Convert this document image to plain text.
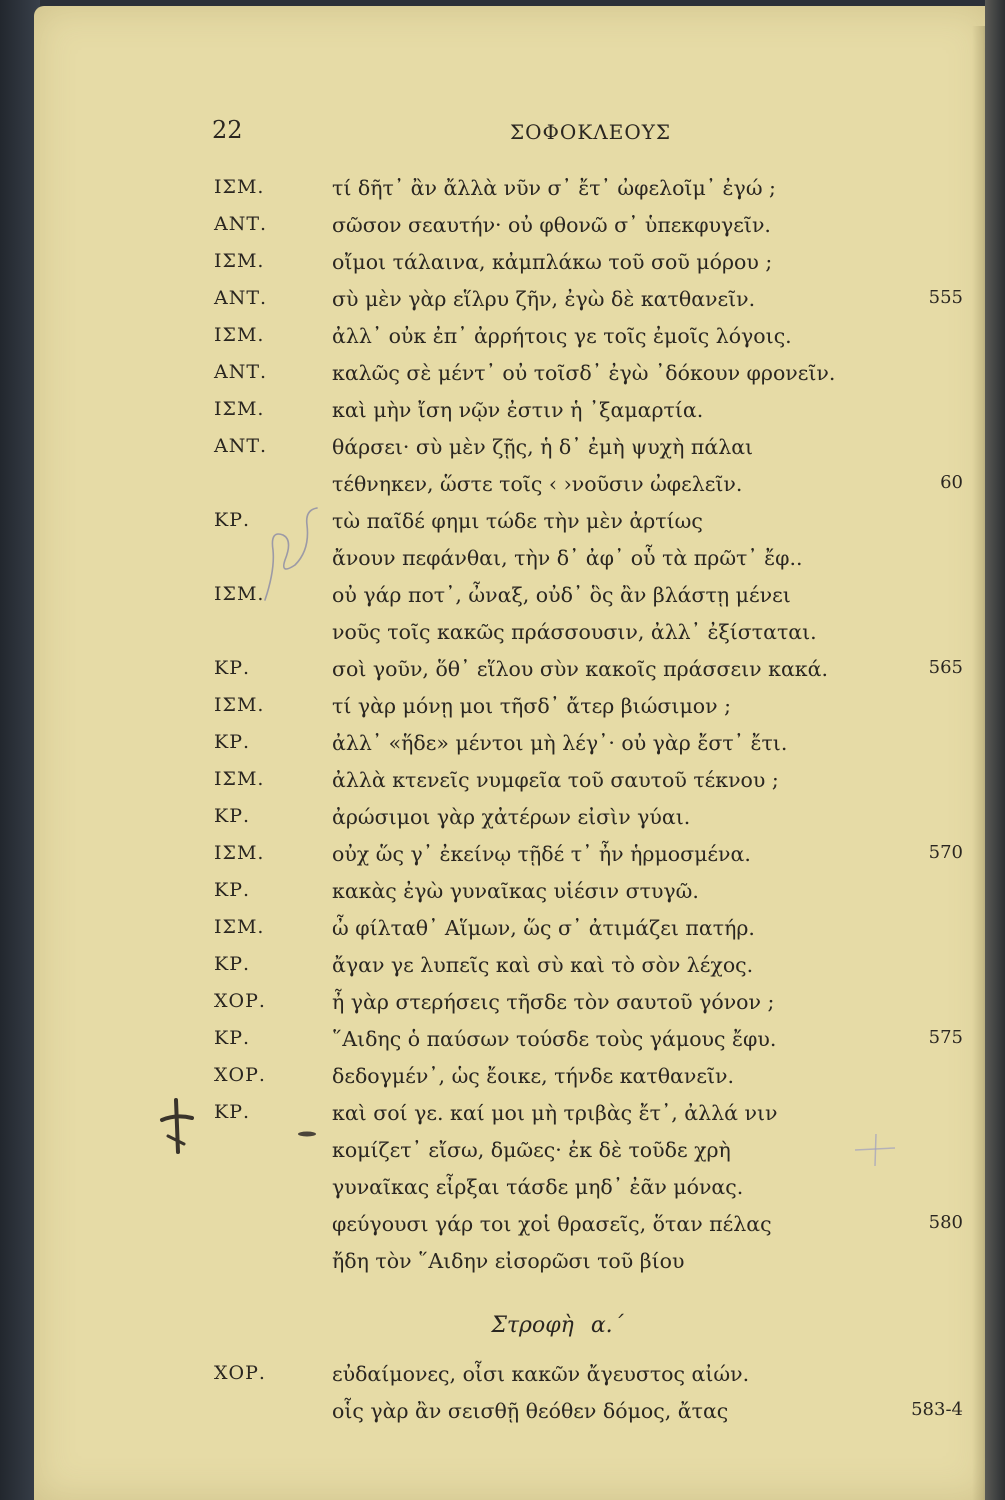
22	ΣΟΦΟΚΛΕΟΥΣ
ΙΣΜ.	τί δῆτ᾽ ἂν ἄλλὰ νῦν σ᾽ ἔτ᾽ ὠφελοῖμ᾽ ἐγώ ;
ΑΝΤ.	σῶσον σεαυτήν· οὐ φθονῶ σ᾽ ὑπεκφυγεῖν.
ΙΣΜ.	οἴμοι τάλαινα, κἀμπλάκω τοῦ σοῦ μόρου ;
ΑΝΤ.	σὺ μὲν γὰρ εἵλρυ ζῆν, ἐγὼ δὲ κατθανεῖν.	555
ΙΣΜ.	ἀλλ᾽ οὐκ ἐπ᾽ ἀρρήτοις γε τοῖς ἐμοῖς λόγοις.
ΑΝΤ.	καλῶς σὲ μέντ᾽ οὐ τοῖσδ᾽ ἐγὼ ᾽δόκουν φρονεῖν.
ΙΣΜ.	καὶ μὴν ἴση νῷν ἐστιν ἡ ᾽ξαμαρτία.
ΑΝΤ.	θάρσει· σὺ μὲν ζῇς, ἡ δ᾽ ἐμὴ ψυχὴ πάλαι
τέθνηκεν, ὥστε τοῖς ‹ ›νοῦσιν ὠφελεῖν.	60
ΚΡ.	τὼ παῖδέ φημι τώδε τὴν μὲν ἀρτίως
ἄνουν πεφάνθαι, τὴν δ᾽ ἀφ᾽ οὗ τὰ πρῶτ᾽ ἔφ..
ΙΣΜ.	οὐ γάρ ποτ᾽, ὦναξ, οὐδ᾽ ὃς ἂν βλάστῃ μένει
νοῦς τοῖς κακῶς πράσσουσιν, ἀλλ᾽ ἐξίσταται.
ΚΡ.	σοὶ γοῦν, ὅθ᾽ εἵλου σὺν κακοῖς πράσσειν κακά.	565
ΙΣΜ.	τί γὰρ μόνῃ μοι τῆσδ᾽ ἄτερ βιώσιμον ;
ΚΡ.	ἀλλ᾽ «ἥδε» μέντοι μὴ λέγ᾽· οὐ γὰρ ἔστ᾽ ἔτι.
ΙΣΜ.	ἀλλὰ κτενεῖς νυμφεῖα τοῦ σαυτοῦ τέκνου ;
ΚΡ.	ἀρώσιμοι γὰρ χἀτέρων εἰσὶν γύαι.
ΙΣΜ.	οὐχ ὥς γ᾽ ἐκείνῳ τῇδέ τ᾽ ἦν ἡρμοσμένα.	570
ΚΡ.	κακὰς ἐγὼ γυναῖκας υἱέσιν στυγῶ.
ΙΣΜ.	ὦ φίλταθ᾽ Αἵμων, ὥς σ᾽ ἀτιμάζει πατήρ.
ΚΡ.	ἄγαν γε λυπεῖς καὶ σὺ καὶ τὸ σὸν λέχος.
ΧΟΡ.	ἦ γὰρ στερήσεις τῆσδε τὸν σαυτοῦ γόνον ;
ΚΡ.	῞Αιδης ὁ παύσων τούσδε τοὺς γάμους ἔφυ.	575
ΧΟΡ.	δεδογμέν᾽, ὡς ἔοικε, τήνδε κατθανεῖν.
ΚΡ.	καὶ σοί γε. καί μοι μὴ τριβὰς ἔτ᾽, ἀλλά νιν
κομίζετ᾽ εἴσω, δμῶες· ἐκ δὲ τοῦδε χρὴ
γυναῖκας εἶρξαι τάσδε μηδ᾽ ἐᾶν μόνας.
φεύγουσι γάρ τοι χοἱ θρασεῖς, ὅταν πέλας	580
ἤδη τὸν ῞Αιδην εἰσορῶσι τοῦ βίου
Στροφὴ α.´
ΧΟΡ.	εὐδαίμονες, οἶσι κακῶν ἄγευστος αἰών.
οἷς γὰρ ἂν σεισθῇ θεόθεν δόμος, ἄτας	583-4
